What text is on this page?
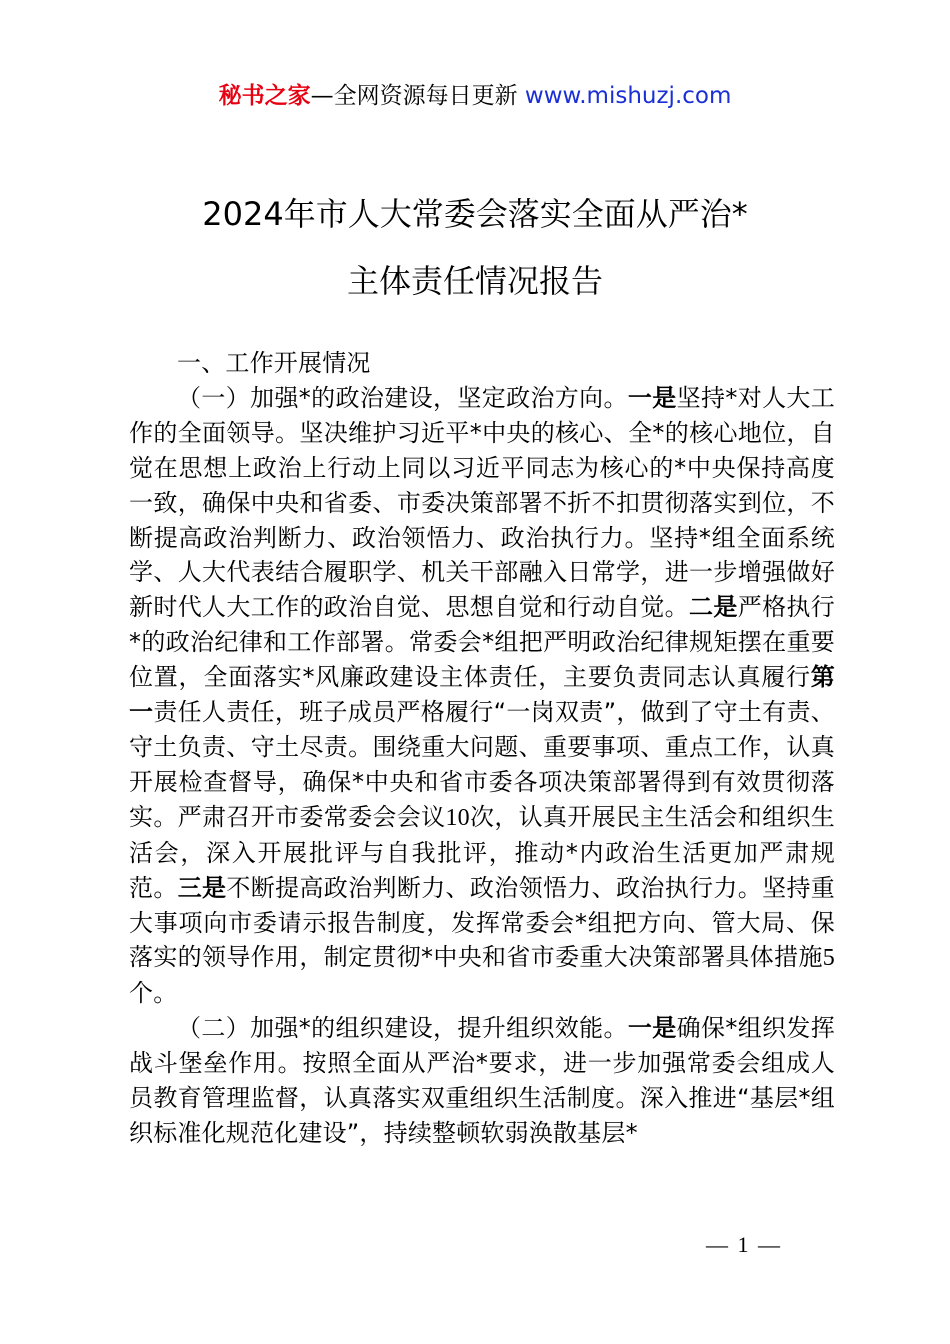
秘书之家—全网资源每日更新 www.mishuzj.com
2024年市人大常委会落实全面从严治*
主体责任情况报告

一、工作开展情况

（一）加强*的政治建设，坚定政治方向。一是坚持*对人大工作的全面领导。坚决维护习近平*中央的核心、全*的核心地位，自觉在思想上政治上行动上同以习近平同志为核心的*中央保持高度一致，确保中央和省委、市委决策部署不折不扣贯彻落实到位，不断提高政治判断力、政治领悟力、政治执行力。坚持*组全面系统学、人大代表结合履职学、机关干部融入日常学，进一步增强做好新时代人大工作的政治自觉、思想自觉和行动自觉。二是严格执行*的政治纪律和工作部署。常委会*组把严明政治纪律规矩摆在重要位置，全面落实*风廉政建设主体责任，主要负责同志认真履行第一责任人责任，班子成员严格履行“一岗双责”，做到了守土有责、守土负责、守土尽责。围绕重大问题、重要事项、重点工作，认真开展检查督导，确保*中央和省市委各项决策部署得到有效贯彻落实。严肃召开市委常委会会议10次，认真开展民主生活会和组织生活会，深入开展批评与自我批评，推动*内政治生活更加严肃规范。三是不断提高政治判断力、政治领悟力、政治执行力。坚持重大事项向市委请示报告制度，发挥常委会*组把方向、管大局、保落实的领导作用，制定贯彻*中央和省市委重大决策部署具体措施5个。

（二）加强*的组织建设，提升组织效能。一是确保*组织发挥战斗堡垒作用。按照全面从严治*要求，进一步加强常委会组成人员教育管理监督，认真落实双重组织生活制度。深入推进“基层*组织标准化规范化建设”，持续整顿软弱涣散基层*

— 1 —
